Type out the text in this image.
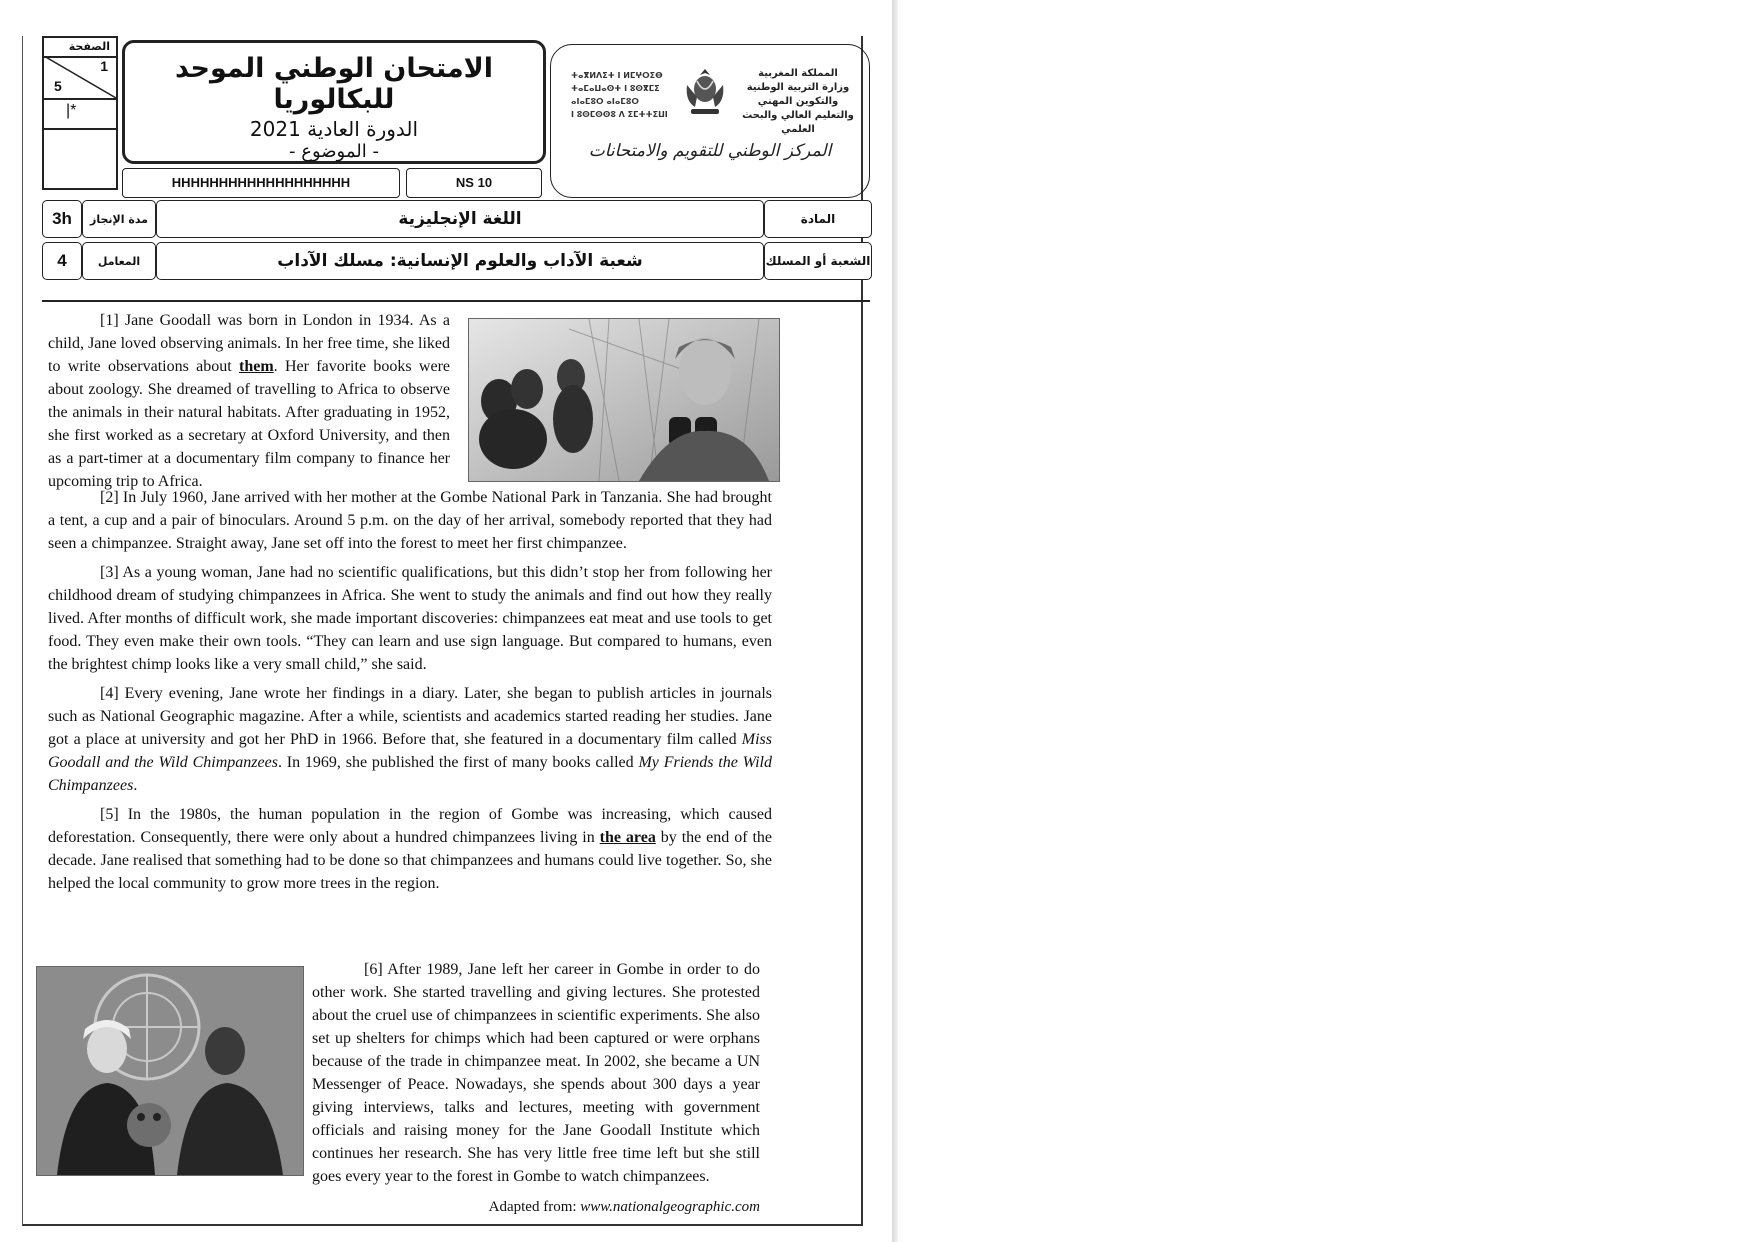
الصفحة
1
5
|*
الامتحان الوطني الموحد للبكالوريا
الدورة العادية 2021
- الموضوع -
HHHHHHHHHHHHHHHHHHH	NS 10
ⵜⴰⴳⵍⴷⵉⵜ ⵏ ⵍⵎⵖⵔⵉⴱ
ⵜⴰⵎⴰⵡⴰⵙⵜ ⵏ ⵓⵙⴳⵎⵉ
ⴰⵏⴰⵎⵓⵔ ⴰⵏⴰⵎⵓⵔ
ⵏ ⵓⵙⵎⵙⵙⵓ ⴷ ⵉⵎⵜⵜⵉⵡⵏ
المملكة المغربية
وزارة التربية الوطنية
والتكوين المهني
والتعليم العالي والبحث العلمي
المركز الوطني للتقويم والامتحانات
3h	مدة الإنجاز	اللغة الإنجليزية	المادة
4	المعامل	شعبة الآداب والعلوم الإنسانية: مسلك الآداب	الشعبة أو المسلك

[1] Jane Goodall was born in London in 1934. As a child, Jane loved observing animals. In her free time, she liked to write observations about them. Her favorite books were about zoology. She dreamed of travelling to Africa to observe the animals in their natural habitats. After graduating in 1952, she first worked as a secretary at Oxford University, and then as a part-timer at a documentary film company to finance her upcoming trip to Africa.

[2] In July 1960, Jane arrived with her mother at the Gombe National Park in Tanzania. She had brought a tent, a cup and a pair of binoculars. Around 5 p.m. on the day of her arrival, somebody reported that they had seen a chimpanzee. Straight away, Jane set off into the forest to meet her first chimpanzee.

[3] As a young woman, Jane had no scientific qualifications, but this didn’t stop her from following her childhood dream of studying chimpanzees in Africa. She went to study the animals and find out how they really lived. After months of difficult work, she made important discoveries: chimpanzees eat meat and use tools to get food. They even make their own tools. “They can learn and use sign language. But compared to humans, even the brightest chimp looks like a very small child,” she said.

[4] Every evening, Jane wrote her findings in a diary. Later, she began to publish articles in journals such as National Geographic magazine. After a while, scientists and academics started reading her studies. Jane got a place at university and got her PhD in 1966. Before that, she featured in a documentary film called Miss Goodall and the Wild Chimpanzees. In 1969, she published the first of many books called My Friends the Wild Chimpanzees.

[5] In the 1980s, the human population in the region of Gombe was increasing, which caused deforestation. Consequently, there were only about a hundred chimpanzees living in the area by the end of the decade. Jane realised that something had to be done so that chimpanzees and humans could live together. So, she helped the local community to grow more trees in the region.

[6] After 1989, Jane left her career in Gombe in order to do other work. She started travelling and giving lectures. She protested about the cruel use of chimpanzees in scientific experiments. She also set up shelters for chimps which had been captured or were orphans because of the trade in chimpanzee meat. In 2002, she became a UN Messenger of Peace. Nowadays, she spends about 300 days a year giving interviews, talks and lectures, meeting with government officials and raising money for the Jane Goodall Institute which continues her research. She has very little free time left but she still goes every year to the forest in Gombe to watch chimpanzees.

Adapted from: www.nationalgeographic.com
